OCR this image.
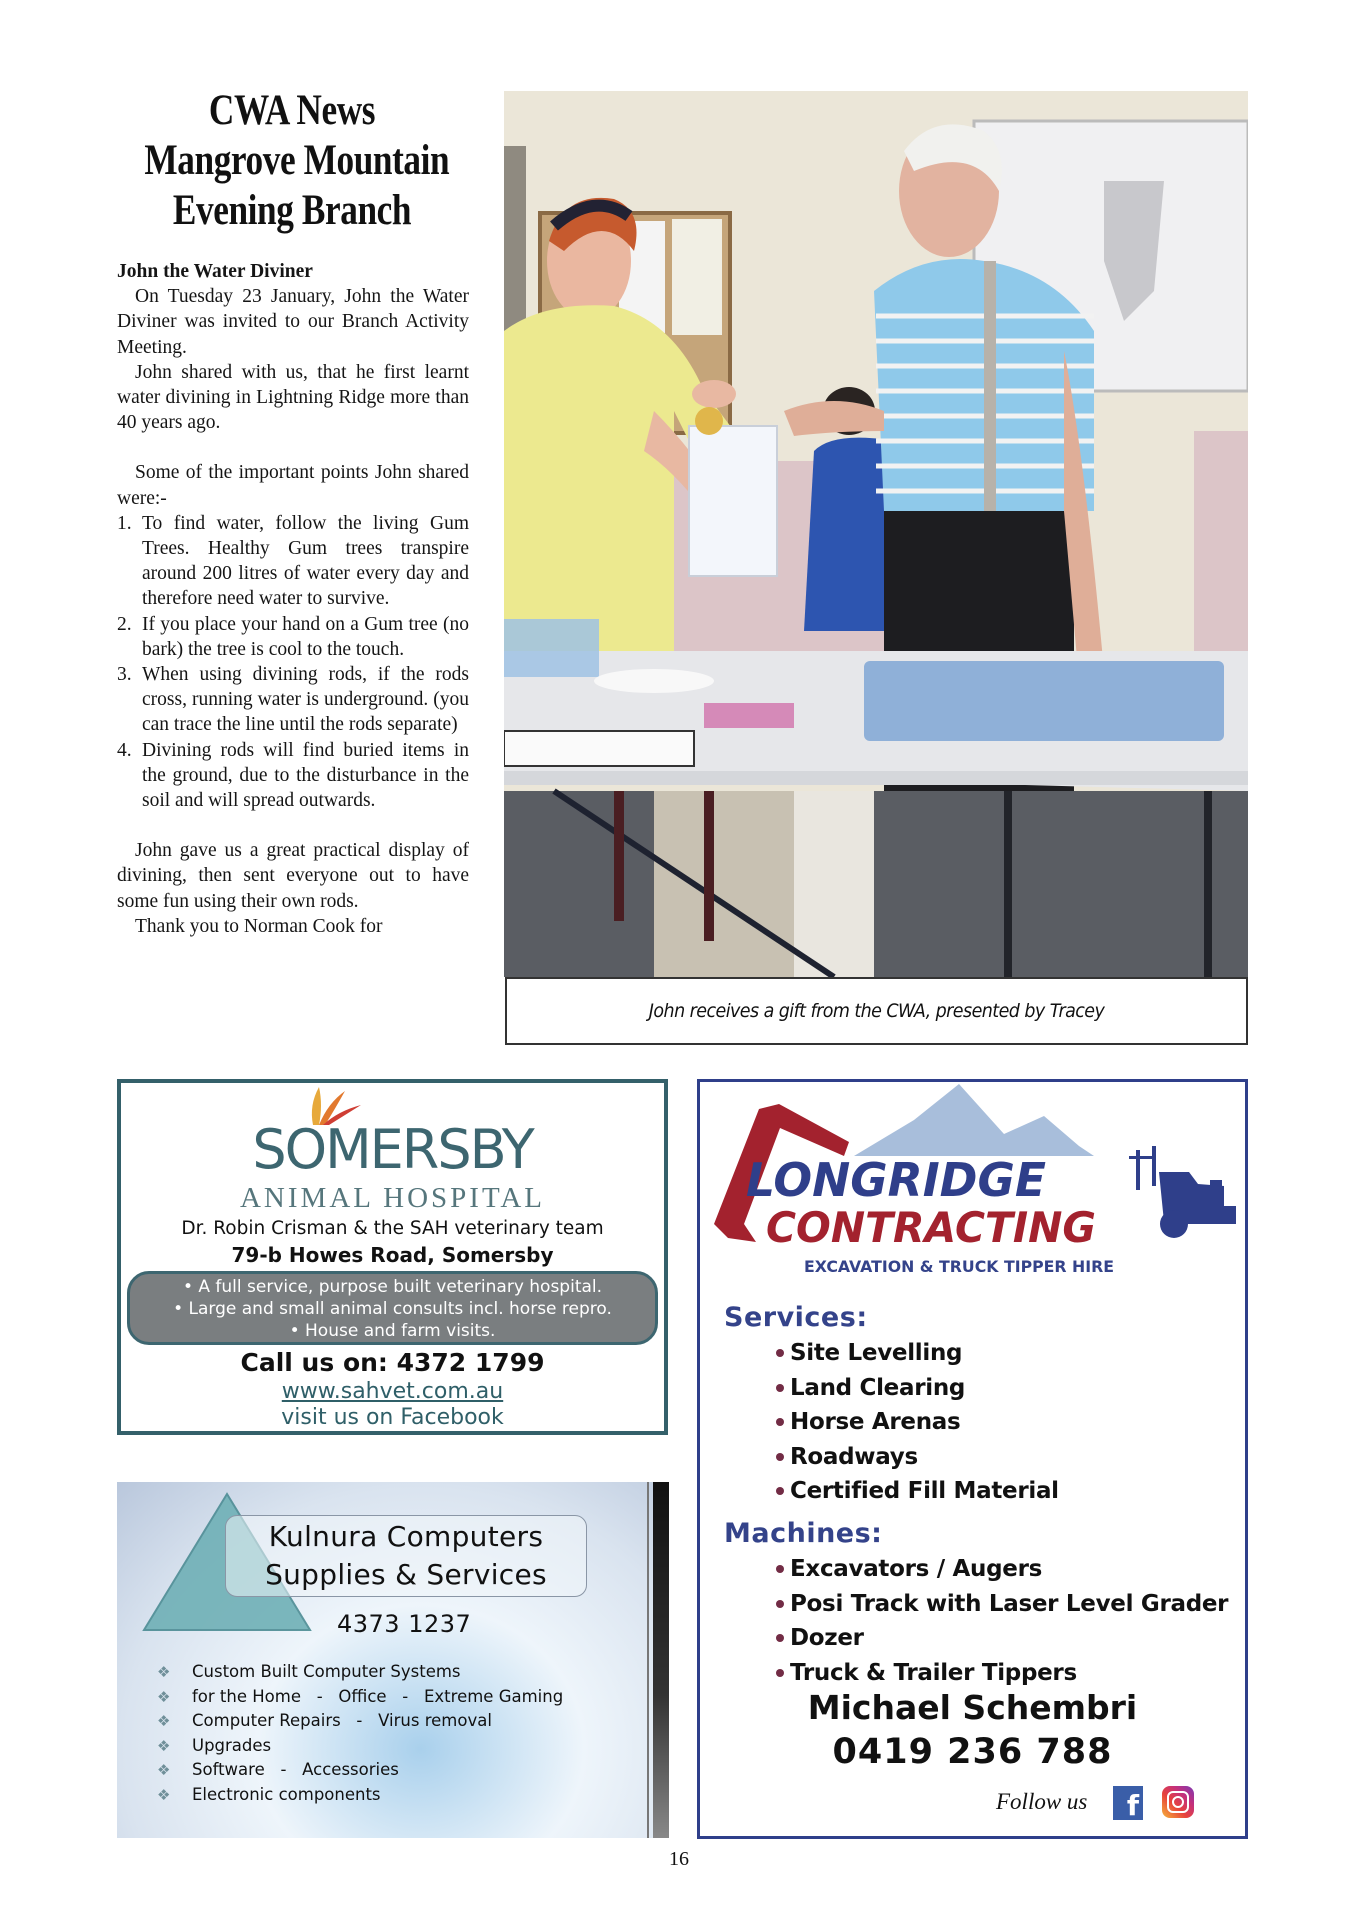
CWA News
Mangrove Mountain
Evening Branch
John the Water Diviner

On Tuesday 23 January, John the Water Diviner was invited to our Branch Activity Meeting.

John shared with us, that he first learnt water divining in Lightning Ridge more than 40 years ago.

Some of the important points John shared were:-

1. To find water, follow the living Gum Trees. Healthy Gum trees transpire around 200 litres of water every day and therefore need water to survive.
2. If you place your hand on a Gum tree (no bark) the tree is cool to the touch.
3. When using divining rods, if the rods cross, running water is underground. (you can trace the line until the rods separate)
4. Divining rods will find buried items in the ground, due to the disturbance in the soil and will spread outwards.

John gave us a great practical display of divining, then sent everyone out to have some fun using their own rods.

Thank you to Norman Cook for

John receives a gift from the CWA, presented by Tracey
SOMERSBY
ANIMAL HOSPITAL
Dr. Robin Crisman & the SAH veterinary team
79-b Howes Road, Somersby
• A full service, purpose built veterinary hospital.
• Large and small animal consults incl. horse repro.
• House and farm visits.
Call us on: 4372 1799
www.sahvet.com.au
visit us on Facebook
Kulnura Computers
Supplies & Services
4373 1237
❖	Custom Built Computer Systems
❖	for the Home   -   Office   -   Extreme Gaming
❖	Computer Repairs   -   Virus removal
❖	Upgrades
❖	Software   -   Accessories
❖	Electronic components
LONGRIDGE
CONTRACTING
EXCAVATION & TRUCK TIPPER HIRE
Services:
Site Levelling
Land Clearing
Horse Arenas
Roadways
Certified Fill Material
Machines:
Excavators / Augers
Posi Track with Laser Level Grader
Dozer
Truck & Trailer Tippers
Michael Schembri
0419 236 788
Follow us	f
16
